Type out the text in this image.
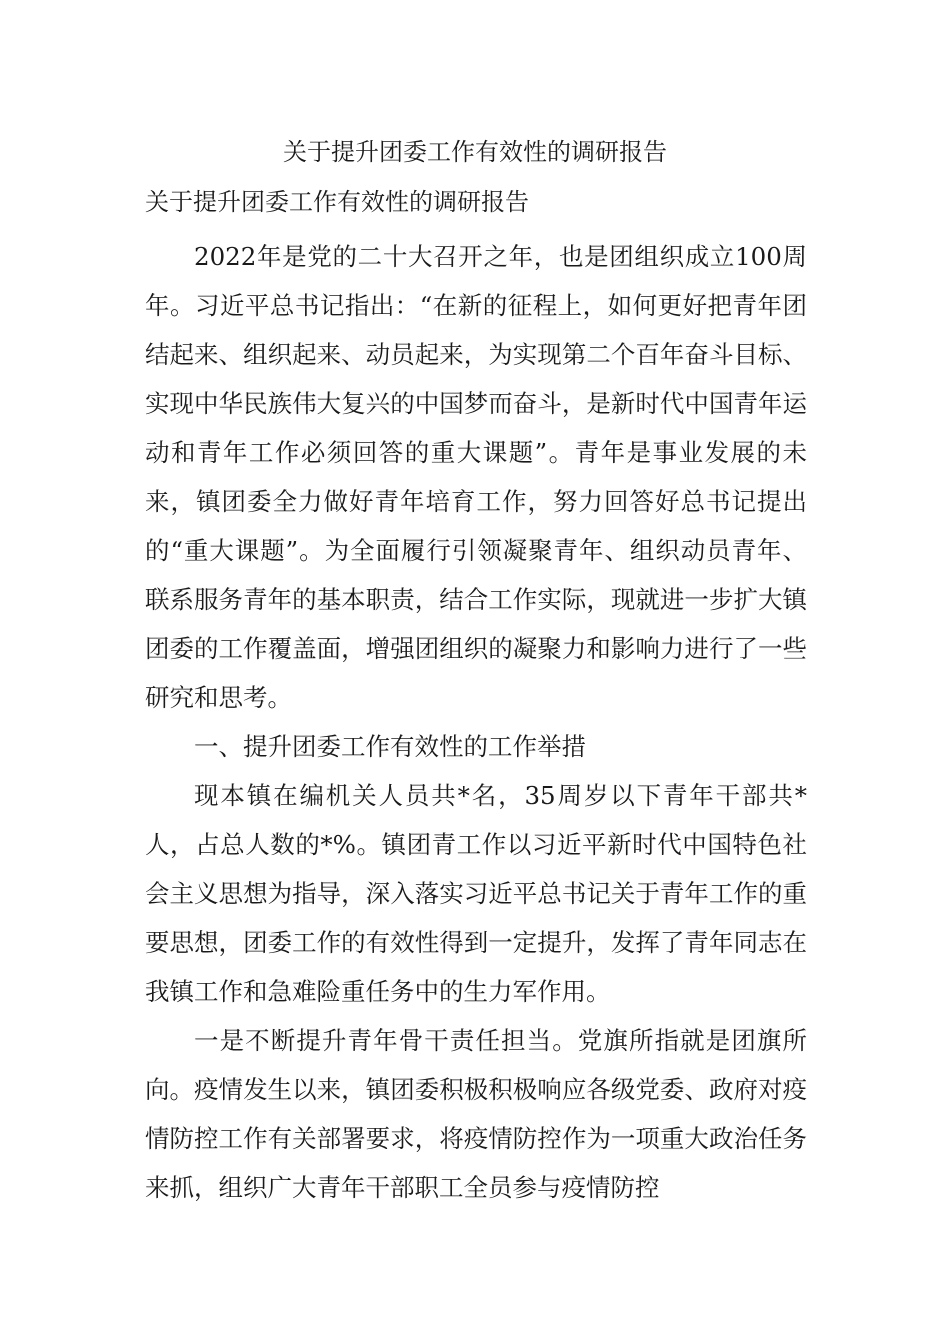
关于提升团委工作有效性的调研报告

关于提升团委工作有效性的调研报告

2022年是党的二十大召开之年，也是团组织成立100周年。习近平总书记指出：“在新的征程上，如何更好把青年团结起来、组织起来、动员起来，为实现第二个百年奋斗目标、实现中华民族伟大复兴的中国梦而奋斗，是新时代中国青年运动和青年工作必须回答的重大课题”。青年是事业发展的未来，镇团委全力做好青年培育工作，努力回答好总书记提出的“重大课题”。为全面履行引领凝聚青年、组织动员青年、联系服务青年的基本职责，结合工作实际，现就进一步扩大镇团委的工作覆盖面，增强团组织的凝聚力和影响力进行了一些研究和思考。

一、提升团委工作有效性的工作举措

现本镇在编机关人员共*名，35周岁以下青年干部共*人，占总人数的*%。镇团青工作以习近平新时代中国特色社会主义思想为指导，深入落实习近平总书记关于青年工作的重要思想，团委工作的有效性得到一定提升，发挥了青年同志在我镇工作和急难险重任务中的生力军作用。

一是不断提升青年骨干责任担当。党旗所指就是团旗所向。疫情发生以来，镇团委积极积极响应各级党委、政府对疫情防控工作有关部署要求，将疫情防控作为一项重大政治任务来抓，组织广大青年干部职工全员参与疫情防控
